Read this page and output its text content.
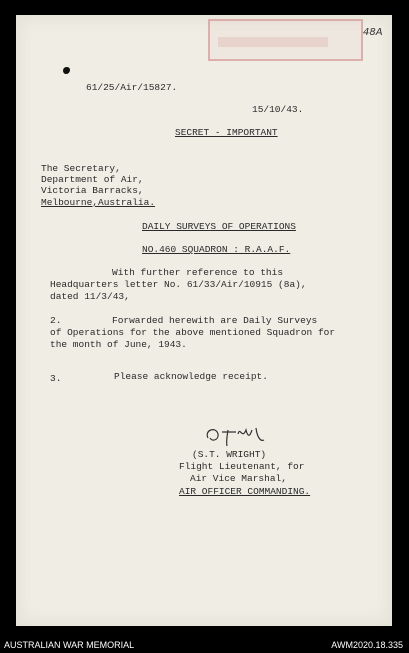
48A
61/25/Air/15827.
15/10/43.
SECRET - IMPORTANT
The Secretary,
Department of Air,
Victoria Barracks,
Melbourne,Australia.
DAILY SURVEYS OF OPERATIONS
NO.460 SQUADRON : R.A.A.F.
With further reference to this
Headquarters letter No. 61/33/Air/10915 (8a),
dated 11/3/43,
2.	Forwarded herewith are Daily Surveys
of Operations for the above mentioned Squadron for
the month of June, 1943.
3.	Please acknowledge receipt.
(S.T. WRIGHT)
Flight Lieutenant, for
Air Vice Marshal,
AIR OFFICER COMMANDING.
AUSTRALIAN WAR MEMORIAL	AWM2020.18.335
